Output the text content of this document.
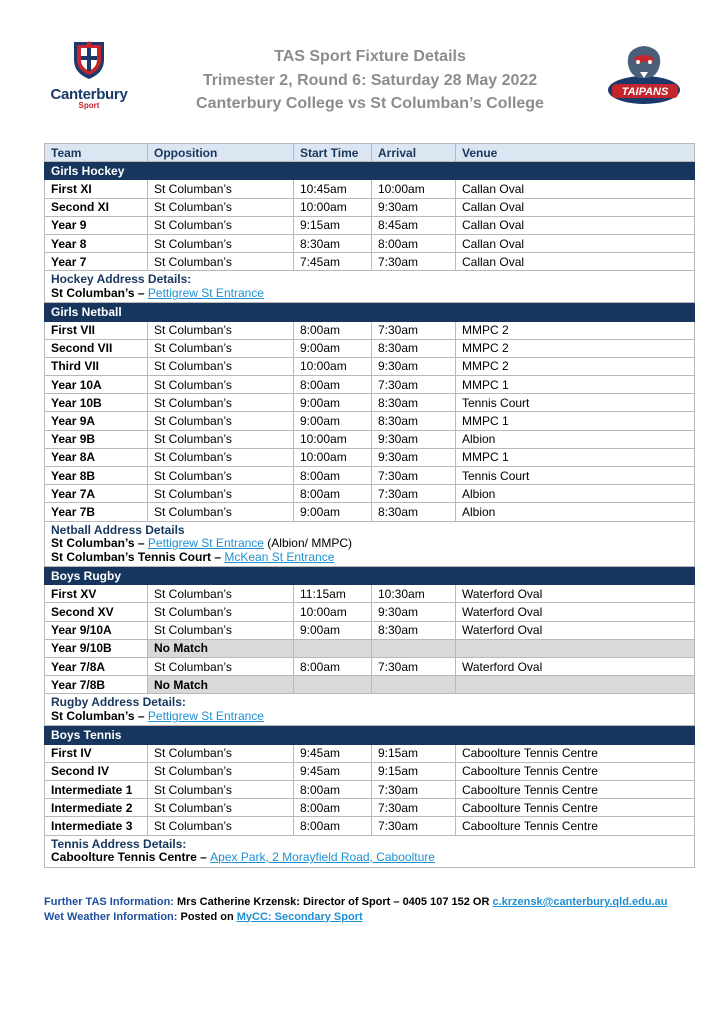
Canterbury
Sport
TAS Sport Fixture Details
Trimester 2, Round 6: Saturday 28 May 2022
Canterbury College vs St Columban’s College
TAIPANS
Team	Opposition	Start Time	Arrival	Venue
Girls Hockey				
First XI	St Columban’s	10:45am	10:00am	Callan Oval
Second XI	St Columban’s	10:00am	9:30am	Callan Oval
Year 9	St Columban’s	9:15am	8:45am	Callan Oval
Year 8	St Columban’s	8:30am	8:00am	Callan Oval
Year 7	St Columban’s	7:45am	7:30am	Callan Oval

Hockey Address Details:
St Columban’s – Pettigrew St Entrance				

Girls Netball				
First VII	St Columban’s	8:00am	7:30am	MMPC 2
Second VII	St Columban’s	9:00am	8:30am	MMPC 2
Third VII	St Columban’s	10:00am	9:30am	MMPC 2
Year 10A	St Columban’s	8:00am	7:30am	MMPC 1
Year 10B	St Columban’s	9:00am	8:30am	Tennis Court
Year 9A	St Columban’s	9:00am	8:30am	MMPC 1
Year 9B	St Columban’s	10:00am	9:30am	Albion
Year 8A	St Columban’s	10:00am	9:30am	MMPC 1
Year 8B	St Columban’s	8:00am	7:30am	Tennis Court
Year 7A	St Columban’s	8:00am	7:30am	Albion
Year 7B	St Columban’s	9:00am	8:30am	Albion

Netball Address Details
St Columban’s – Pettigrew St Entrance (Albion/ MMPC)
St Columban’s Tennis Court – McKean St Entrance				

Boys Rugby				
First XV	St Columban’s	11:15am	10:30am	Waterford Oval
Second XV	St Columban’s	10:00am	9:30am	Waterford Oval
Year 9/10A	St Columban’s	9:00am	8:30am	Waterford Oval
Year 9/10B	No Match			
Year 7/8A	St Columban’s	8:00am	7:30am	Waterford Oval
Year 7/8B	No Match			

Rugby Address Details:
St Columban’s – Pettigrew St Entrance				

Boys Tennis				
First IV	St Columban’s	9:45am	9:15am	Caboolture Tennis Centre
Second IV	St Columban’s	9:45am	9:15am	Caboolture Tennis Centre
Intermediate 1	St Columban’s	8:00am	7:30am	Caboolture Tennis Centre
Intermediate 2	St Columban’s	8:00am	7:30am	Caboolture Tennis Centre
Intermediate 3	St Columban’s	8:00am	7:30am	Caboolture Tennis Centre

Tennis Address Details:
Caboolture Tennis Centre – Apex Park, 2 Morayfield Road, Caboolture				
Further TAS Information: Mrs Catherine Krzensk: Director of Sport – 0405 107 152 OR c.krzensk@canterbury.qld.edu.au
Wet Weather Information: Posted on MyCC: Secondary Sport
